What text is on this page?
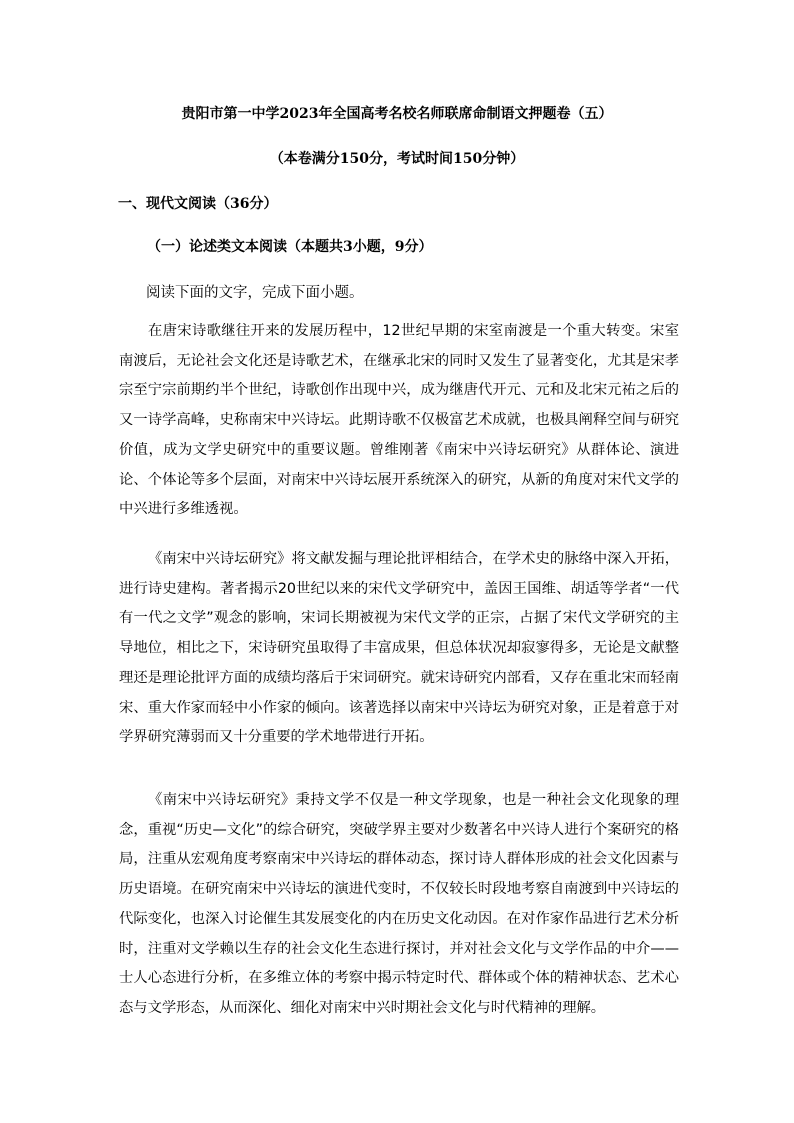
贵阳市第一中学2023年全国高考名校名师联席命制语文押题卷（五）
（本卷满分150分，考试时间150分钟）
一、现代文阅读（36分）
（一）论述类文本阅读（本题共3小题，9分）
阅读下面的文字，完成下面小题。
在唐宋诗歌继往开来的发展历程中，12世纪早期的宋室南渡是一个重大转变。宋室南渡后，无论社会文化还是诗歌艺术，在继承北宋的同时又发生了显著变化，尤其是宋孝宗至宁宗前期约半个世纪，诗歌创作出现中兴，成为继唐代开元、元和及北宋元祐之后的又一诗学高峰，史称南宋中兴诗坛。此期诗歌不仅极富艺术成就，也极具阐释空间与研究价值，成为文学史研究中的重要议题。曾维刚著《南宋中兴诗坛研究》从群体论、演进论、个体论等多个层面，对南宋中兴诗坛展开系统深入的研究，从新的角度对宋代文学的中兴进行多维透视。
《南宋中兴诗坛研究》将文献发掘与理论批评相结合，在学术史的脉络中深入开拓，进行诗史建构。著者揭示20世纪以来的宋代文学研究中，盖因王国维、胡适等学者“一代有一代之文学”观念的影响，宋词长期被视为宋代文学的正宗，占据了宋代文学研究的主导地位，相比之下，宋诗研究虽取得了丰富成果，但总体状况却寂寥得多，无论是文献整理还是理论批评方面的成绩均落后于宋词研究。就宋诗研究内部看，又存在重北宋而轻南宋、重大作家而轻中小作家的倾向。该著选择以南宋中兴诗坛为研究对象，正是着意于对学界研究薄弱而又十分重要的学术地带进行开拓。
《南宋中兴诗坛研究》秉持文学不仅是一种文学现象，也是一种社会文化现象的理念，重视“历史—文化”的综合研究，突破学界主要对少数著名中兴诗人进行个案研究的格局，注重从宏观角度考察南宋中兴诗坛的群体动态，探讨诗人群体形成的社会文化因素与历史语境。在研究南宋中兴诗坛的演进代变时，不仅较长时段地考察自南渡到中兴诗坛的代际变化，也深入讨论催生其发展变化的内在历史文化动因。在对作家作品进行艺术分析时，注重对文学赖以生存的社会文化生态进行探讨，并对社会文化与文学作品的中介——士人心态进行分析，在多维立体的考察中揭示特定时代、群体或个体的精神状态、艺术心态与文学形态，从而深化、细化对南宋中兴时期社会文化与时代精神的理解。
